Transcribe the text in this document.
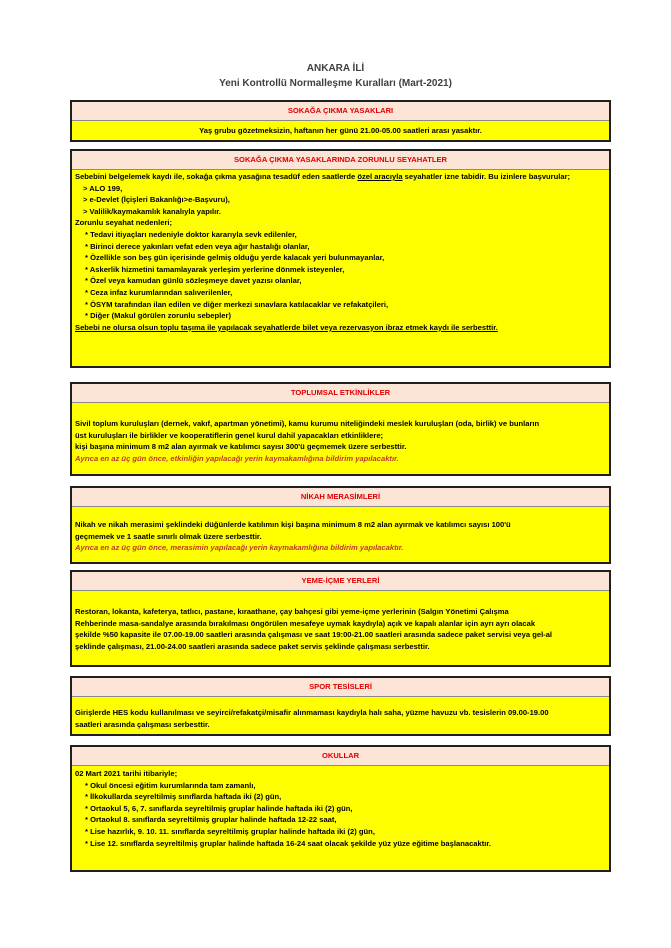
ANKARA İLİ
Yeni Kontrollü Normalleşme Kuralları (Mart-2021)
SOKAĞA ÇIKMA YASAKLARI
Yaş grubu gözetmeksizin, haftanın her günü 21.00-05.00 saatleri arası yasaktır.
SOKAĞA ÇIKMA YASAKLARINDA ZORUNLU SEYAHATLER
Sebebini belgelemek kaydı ile, sokağa çıkma yasağına tesadüf eden saatlerde özel aracıyla seyahatler izne tabidir. Bu izinlere başvurular;
> ALO 199,
> e-Devlet (İçişleri Bakanlığı>e-Başvuru),
> Valilik/kaymakamlık kanalıyla yapılır.
Zorunlu seyahat nedenleri;
* Tedavi itiyaçları nedeniyle doktor kararıyla sevk edilenler,
* Birinci derece yakınları vefat eden veya ağır hastalığı olanlar,
* Özellikle son beş gün içerisinde gelmiş olduğu yerde kalacak yeri bulunmayanlar,
* Askerlik hizmetini tamamlayarak yerleşim yerlerine dönmek isteyenler,
* Özel veya kamudan günlü sözleşmeye davet yazısı olanlar,
* Ceza infaz kurumlarından salıverilenler,
* ÖSYM tarafından ilan edilen ve diğer merkezi sınavlara katılacaklar ve refakatçileri,
* Diğer (Makul görülen zorunlu sebepler)
Sebebi ne olursa olsun toplu taşıma ile yapılacak seyahatlerde bilet veya rezervasyon ibraz etmek kaydı ile serbesttir.
TOPLUMSAL ETKİNLİKLER
Sivil toplum kuruluşları (dernek, vakıf, apartman yönetimi), kamu kurumu niteliğindeki meslek kuruluşları (oda, birlik) ve bunların
üst kuruluşları ile birlikler ve kooperatiflerin genel kurul dahil yapacakları etkinliklere;
kişi başına minimum 8 m2 alan ayırmak ve katılımcı sayısı 300'ü geçmemek üzere serbesttir.
Ayrıca en az üç gün önce, etkinliğin yapılacağı yerin kaymakamlığına bildirim yapılacaktır.
NİKAH MERASİMLERİ
Nikah ve nikah merasimi şeklindeki düğünlerde katılımın kişi başına minimum 8 m2 alan ayırmak ve katılımcı sayısı 100'ü
geçmemek ve 1 saatle sınırlı olmak üzere serbesttir.
Ayrıca en az üç gün önce, merasimin yapılacağı yerin kaymakamlığına bildirim yapılacaktır.
YEME-İÇME YERLERİ
Restoran, lokanta, kafeterya, tatlıcı, pastane, kıraathane, çay bahçesi gibi yeme-içme yerlerinin (Salgın Yönetimi Çalışma
Rehberinde masa-sandalye arasında bırakılması öngörülen mesafeye uymak kaydıyla) açık ve kapalı alanlar için ayrı ayrı olacak
şekilde %50 kapasite ile 07.00-19.00 saatleri arasında çalışması ve saat 19:00-21.00 saatleri arasında sadece paket servisi veya gel-al
şeklinde çalışması, 21.00-24.00 saatleri arasında sadece paket servis şeklinde çalışması serbesttir.
SPOR TESİSLERİ
Girişlerde HES kodu kullanılması ve seyirci/refakatçi/misafir alınmaması kaydıyla halı saha, yüzme havuzu vb. tesislerin 09.00-19.00
saatleri arasında çalışması serbesttir.
OKULLAR
02 Mart 2021 tarihi itibariyle;
* Okul öncesi eğitim kurumlarında tam zamanlı,
* İlkokullarda seyreltilmiş sınıflarda haftada iki (2) gün,
* Ortaokul 5, 6, 7. sınıflarda seyreltilmiş gruplar halinde haftada iki (2) gün,
* Ortaokul 8. sınıflarda seyreltilmiş gruplar halinde haftada 12-22 saat,
* Lise hazırlık, 9. 10. 11. sınıflarda seyreltilmiş gruplar halinde haftada iki (2) gün,
* Lise 12. sınıflarda seyreltilmiş gruplar halinde haftada 16-24 saat olacak şekilde yüz yüze eğitime başlanacaktır.
